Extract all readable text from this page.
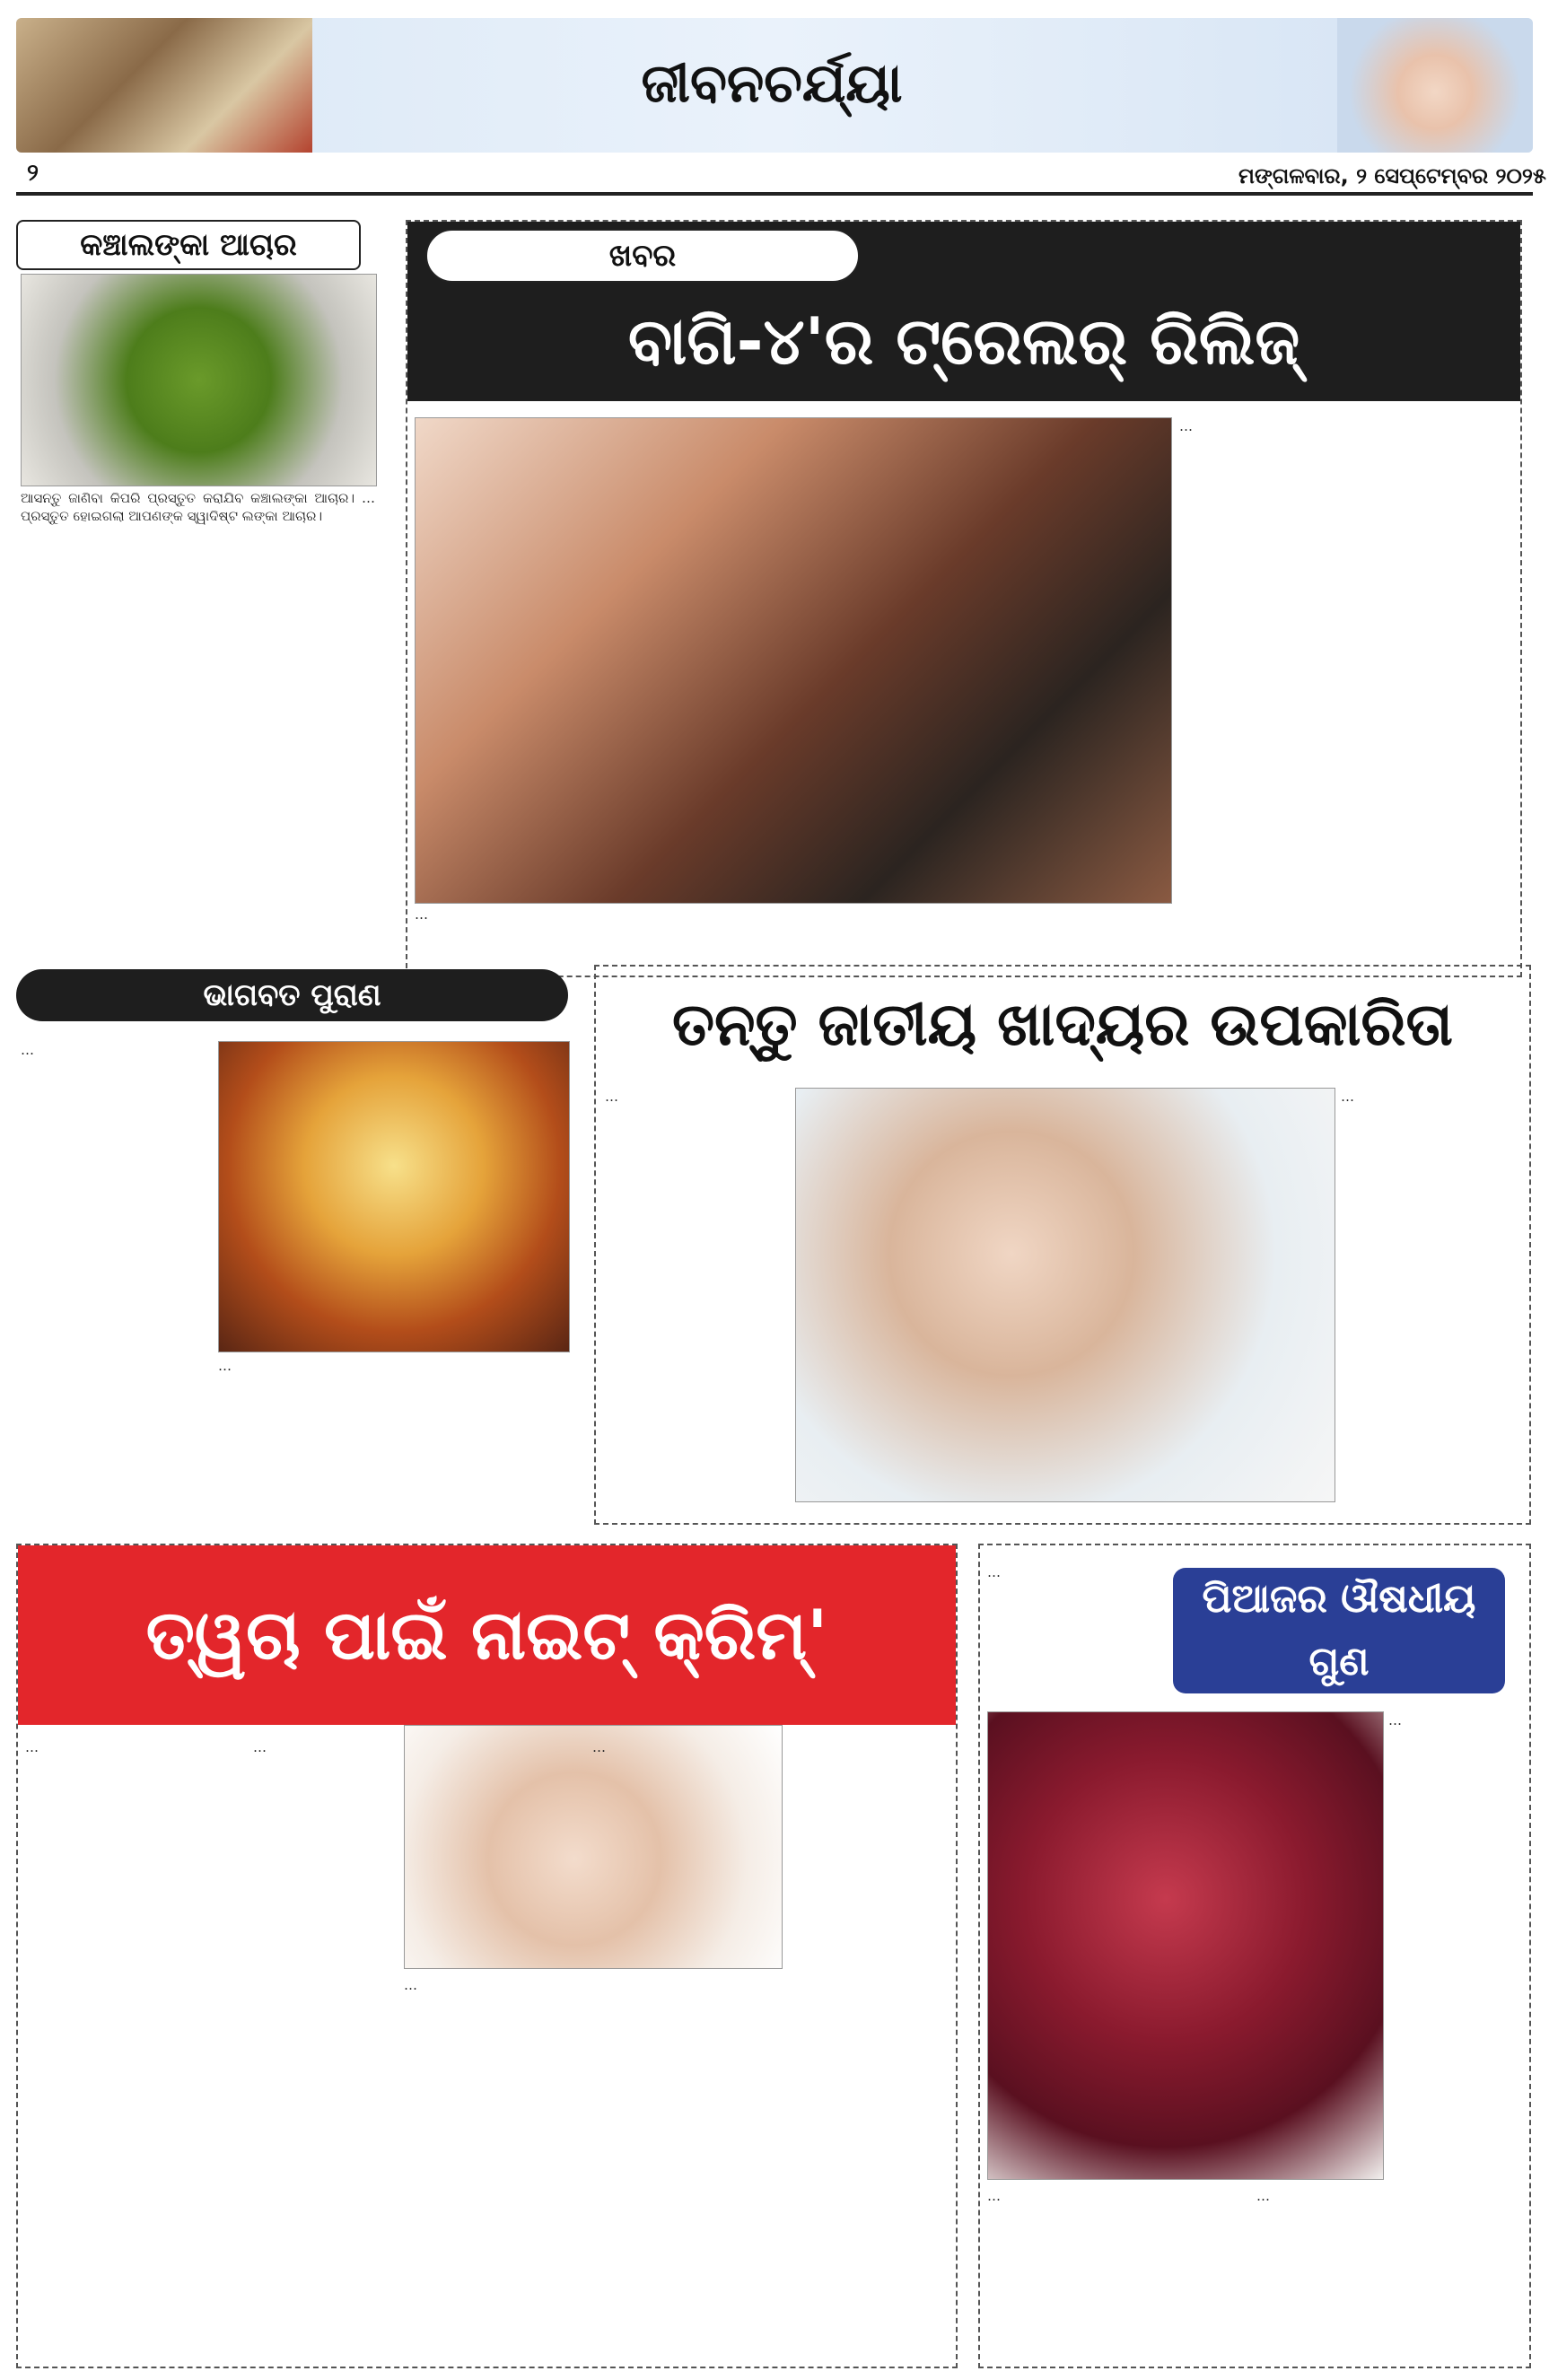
ଜୀବନଚର୍ଯ୍ୟା
୨	ମଙ୍ଗଳବାର, ୨ ସେପ୍ଟେମ୍ବର ୨୦୨୫
କଞ୍ଚାଲଙ୍କା ଆଚାର
ଆସନ୍ତୁ ଜାଣିବା କିପରି ପ୍ରସ୍ତୁତ କରାଯିବ କଞ୍ଚାଲଙ୍କା ଆଚାର। … ପ୍ରସ୍ତୁତ ହୋଇଗଲା ଆପଣଙ୍କ ସ୍ୱାଦିଷ୍ଟ ଲଙ୍କା ଆଚାର।
ଖବର
ବାଗି-୪'ର ଟ୍ରେଲର୍ ରିଲିଜ୍
…
…
ଭାଗବତ ପୁରାଣ
…
…
ତନ୍ତୁ ଜାତୀୟ ଖାଦ୍ୟର ଉପକାରିତା
…	…
ତ୍ୱଚା ପାଇଁ ନାଇଟ୍ କ୍ରିମ୍'
…	…
…
…
…
ପିଆଜର ଔଷଧୀୟ ଗୁଣ
…
…	…
